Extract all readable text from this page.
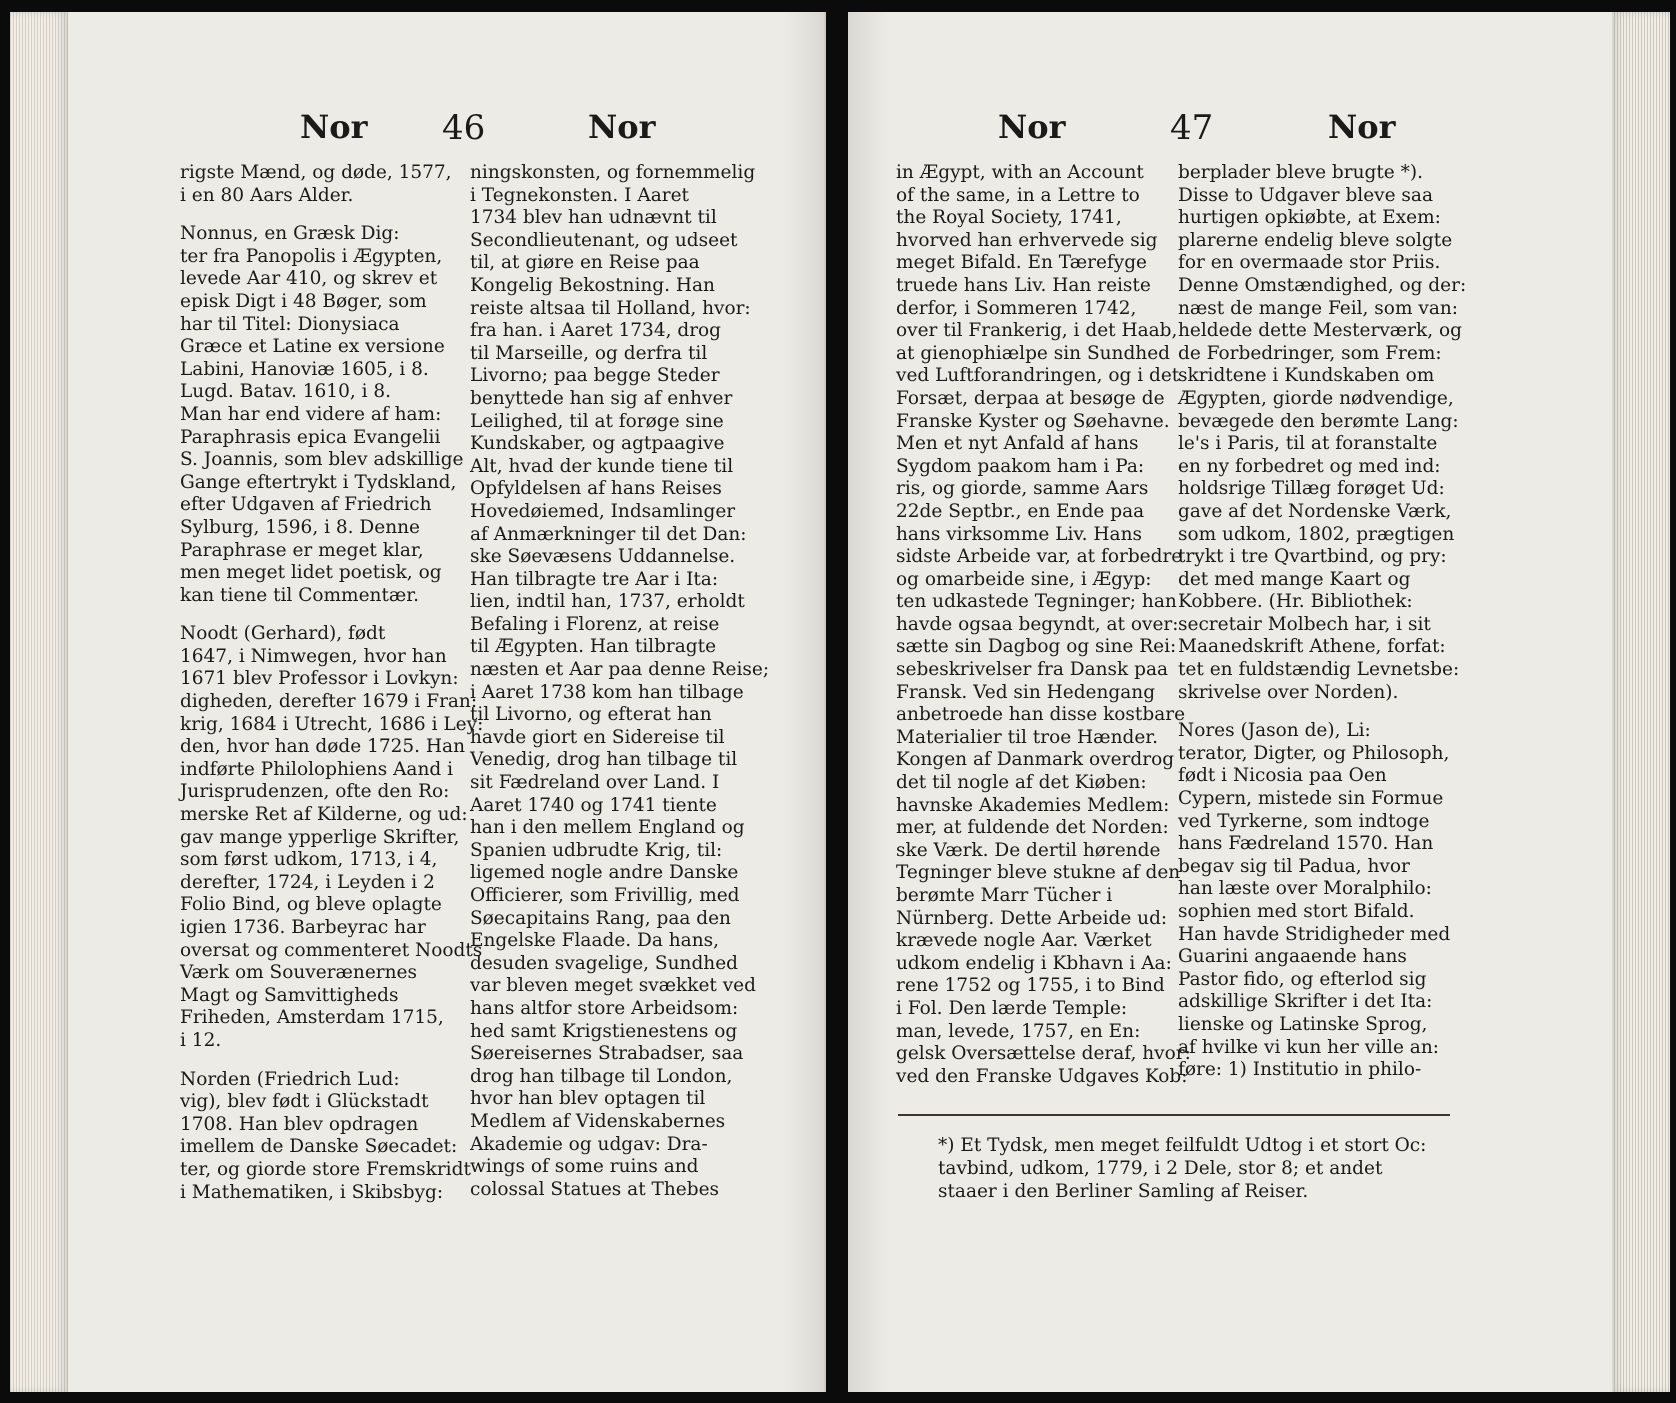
Nor 46	Nor
rigste Mænd, og døde, 1577,
i en 80 Aars Alder.
Nonnus, en Græsk Dig:
ter fra Panopolis i Ægypten,
levede Aar 410, og skrev et
episk Digt i 48 Bøger, som
har til Titel: Dionysiaca
Græce et Latine ex versione
Labini, Hanoviæ 1605, i 8.
Lugd. Batav. 1610, i 8.
Man har end videre af ham:
Paraphrasis epica Evangelii
S. Joannis, som blev adskillige
Gange eftertrykt i Tydskland,
efter Udgaven af Friedrich
Sylburg, 1596, i 8. Denne
Paraphrase er meget klar,
men meget lidet poetisk, og
kan tiene til Commentær.
Noodt (Gerhard), født
1647, i Nimwegen, hvor han
1671 blev Professor i Lovkyn:
digheden, derefter 1679 i Fran:
krig, 1684 i Utrecht, 1686 i Ley:
den, hvor han døde 1725. Han
indførte Philolophiens Aand i
Jurisprudenzen, ofte den Ro:
merske Ret af Kilderne, og ud:
gav mange ypperlige Skrifter,
som først udkom, 1713, i 4,
derefter, 1724, i Leyden i 2
Folio Bind, og bleve oplagte
igien 1736. Barbeyrac har
oversat og commenteret Noodts
Værk om Souverænernes
Magt og Samvittigheds
Friheden, Amsterdam 1715,
i 12.
Norden (Friedrich Lud:
vig), blev født i Glückstadt
1708. Han blev opdragen
imellem de Danske Søecadet:
ter, og giorde store Fremskridt
i Mathematiken, i Skibsbyg:
ningskonsten, og fornemmelig
i Tegnekonsten. I Aaret
1734 blev han udnævnt til
Secondlieutenant, og udseet
til, at giøre en Reise paa
Kongelig Bekostning. Han
reiste altsaa til Holland, hvor:
fra han. i Aaret 1734, drog
til Marseille, og derfra til
Livorno; paa begge Steder
benyttede han sig af enhver
Leilighed, til at forøge sine
Kundskaber, og agtpaagive
Alt, hvad der kunde tiene til
Opfyldelsen af hans Reises
Hovedøiemed, Indsamlinger
af Anmærkninger til det Dan:
ske Søevæsens Uddannelse.
Han tilbragte tre Aar i Ita:
lien, indtil han, 1737, erholdt
Befaling i Florenz, at reise
til Ægypten. Han tilbragte
næsten et Aar paa denne Reise;
i Aaret 1738 kom han tilbage
til Livorno, og efterat han
havde giort en Sidereise til
Venedig, drog han tilbage til
sit Fædreland over Land. I
Aaret 1740 og 1741 tiente
han i den mellem England og
Spanien udbrudte Krig, til:
ligemed nogle andre Danske
Officierer, som Frivillig, med
Søecapitains Rang, paa den
Engelske Flaade. Da hans,
desuden svagelige, Sundhed
var bleven meget svækket ved
hans altfor store Arbeidsom:
hed samt Krigstienestens og
Søereisernes Strabadser, saa
drog han tilbage til London,
hvor han blev optagen til
Medlem af Videnskabernes
Akademie og udgav: Dra-
wings of some ruins and
colossal Statues at Thebes
Nor	47	Nor
in Ægypt, with an Account
of the same, in a Lettre to
the Royal Society, 1741,
hvorved han erhvervede sig
meget Bifald. En Tærefyge
truede hans Liv. Han reiste
derfor, i Sommeren 1742,
over til Frankerig, i det Haab,
at gienophiælpe sin Sundhed
ved Luftforandringen, og i det
Forsæt, derpaa at besøge de
Franske Kyster og Søehavne.
Men et nyt Anfald af hans
Sygdom paakom ham i Pa:
ris, og giorde, samme Aars
22de Septbr., en Ende paa
hans virksomme Liv. Hans
sidste Arbeide var, at forbedre
og omarbeide sine, i Ægyp:
ten udkastede Tegninger; han
havde ogsaa begyndt, at over:
sætte sin Dagbog og sine Rei:
sebeskrivelser fra Dansk paa
Fransk. Ved sin Hedengang
anbetroede han disse kostbare
Materialier til troe Hænder.
Kongen af Danmark overdrog
det til nogle af det Kiøben:
havnske Akademies Medlem:
mer, at fuldende det Norden:
ske Værk. De dertil hørende
Tegninger bleve stukne af den
berømte Marr Tücher i
Nürnberg. Dette Arbeide ud:
krævede nogle Aar. Værket
udkom endelig i Kbhavn i Aa:
rene 1752 og 1755, i to Bind
i Fol. Den lærde Temple:
man, levede, 1757, en En:
gelsk Oversættelse deraf, hvor:
ved den Franske Udgaves Kob:
berplader bleve brugte *).
Disse to Udgaver bleve saa
hurtigen opkiøbte, at Exem:
plarerne endelig bleve solgte
for en overmaade stor Priis.
Denne Omstændighed, og der:
næst de mange Feil, som van:
heldede dette Mesterværk, og
de Forbedringer, som Frem:
skridtene i Kundskaben om
Ægypten, giorde nødvendige,
bevægede den berømte Lang:
le's i Paris, til at foranstalte
en ny forbedret og med ind:
holdsrige Tillæg forøget Ud:
gave af det Nordenske Værk,
som udkom, 1802, prægtigen
trykt i tre Qvartbind, og pry:
det med mange Kaart og
Kobbere. (Hr. Bibliothek:
secretair Molbech har, i sit
Maanedskrift Athene, forfat:
tet en fuldstændig Levnetsbe:
skrivelse over Norden).
Nores (Jason de), Li:
terator, Digter, og Philosoph,
født i Nicosia paa Oen
Cypern, mistede sin Formue
ved Tyrkerne, som indtoge
hans Fædreland 1570. Han
begav sig til Padua, hvor
han læste over Moralphilo:
sophien med stort Bifald.
Han havde Stridigheder med
Guarini angaaende hans
Pastor fido, og efterlod sig
adskillige Skrifter i det Ita:
lienske og Latinske Sprog,
af hvilke vi kun her ville an:
føre: 1) Institutio in philo-
*) Et Tydsk, men meget feilfuldt Udtog i et stort Oc:
tavbind, udkom, 1779, i 2 Dele, stor 8; et andet
staaer i den Berliner Samling af Reiser.
